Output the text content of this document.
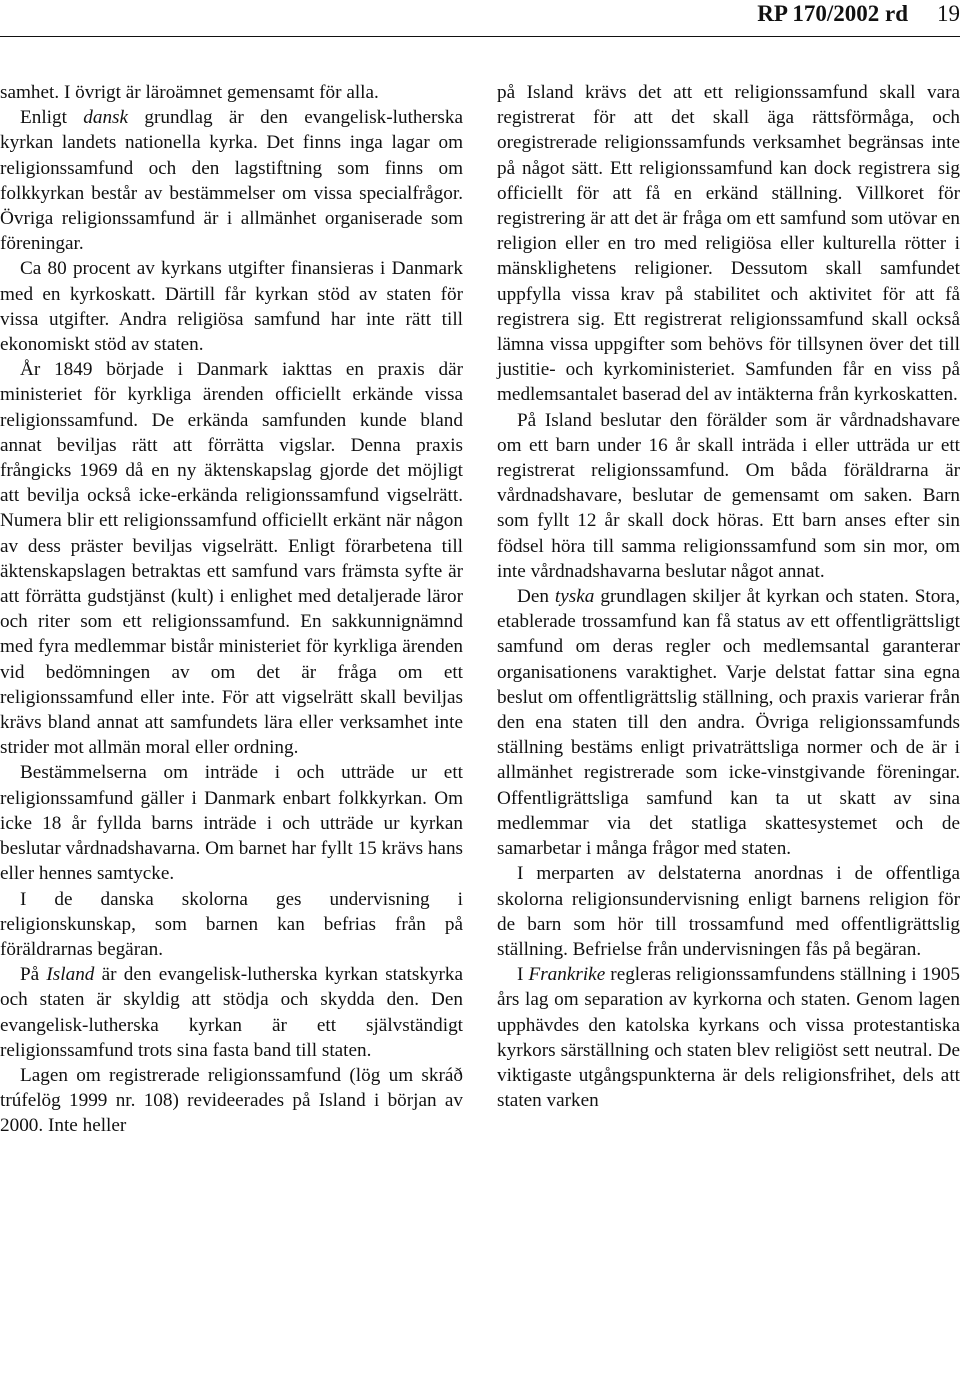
RP 170/2002 rd 19

samhet. I övrigt är läroämnet gemensamt för alla.

Enligt dansk grundlag är den evangelisk-lutherska kyrkan landets nationella kyrka. Det finns inga lagar om religionssamfund och den lagstiftning som finns om folkkyrkan består av bestämmelser om vissa specialfrågor. Övriga religionssamfund är i allmänhet organiserade som föreningar.

Ca 80 procent av kyrkans utgifter finansieras i Danmark med en kyrkoskatt. Därtill får kyrkan stöd av staten för vissa utgifter. Andra religiösa samfund har inte rätt till ekonomiskt stöd av staten.

År 1849 började i Danmark iakttas en praxis där ministeriet för kyrkliga ärenden officiellt erkände vissa religionssamfund. De erkända samfunden kunde bland annat beviljas rätt att förrätta vigslar. Denna praxis frångicks 1969 då en ny äktenskapslag gjorde det möjligt att bevilja också icke-erkända religionssamfund vigselrätt. Numera blir ett religionssamfund officiellt erkänt när någon av dess präster beviljas vigselrätt. Enligt förarbetena till äktenskapslagen betraktas ett samfund vars främsta syfte är att förrätta gudstjänst (kult) i enlighet med detaljerade läror och riter som ett religionssamfund. En sakkunnignämnd med fyra medlemmar bistår ministeriet för kyrkliga ärenden vid bedömningen av om det är fråga om ett religionssamfund eller inte. För att vigselrätt skall beviljas krävs bland annat att samfundets lära eller verksamhet inte strider mot allmän moral eller ordning.

Bestämmelserna om inträde i och utträde ur ett religionssamfund gäller i Danmark enbart folkkyrkan. Om icke 18 år fyllda barns inträde i och utträde ur kyrkan beslutar vårdnadshavarna. Om barnet har fyllt 15 krävs hans eller hennes samtycke.

I de danska skolorna ges undervisning i religionskunskap, som barnen kan befrias från på föräldrarnas begäran.

På Island är den evangelisk-lutherska kyrkan statskyrka och staten är skyldig att stödja och skydda den. Den evangelisk-lutherska kyrkan är ett självständigt religionssamfund trots sina fasta band till staten.

Lagen om registrerade religionssamfund (lög um skráð trúfelög 1999 nr. 108) revideerades på Island i början av 2000. Inte heller

på Island krävs det att ett religionssamfund skall vara registrerat för att det skall äga rättsförmåga, och oregistrerade religionssamfunds verksamhet begränsas inte på något sätt. Ett religionssamfund kan dock registrera sig officiellt för att få en erkänd ställning. Villkoret för registrering är att det är fråga om ett samfund som utövar en religion eller en tro med religiösa eller kulturella rötter i mänsklighetens religioner. Dessutom skall samfundet uppfylla vissa krav på stabilitet och aktivitet för att få registrera sig. Ett registrerat religionssamfund skall också lämna vissa uppgifter som behövs för tillsynen över det till justitie- och kyrkoministeriet. Samfunden får en viss på medlemsantalet baserad del av intäkterna från kyrkoskatten.

På Island beslutar den förälder som är vårdnadshavare om ett barn under 16 år skall inträda i eller utträda ur ett registrerat religionssamfund. Om båda föräldrarna är vårdnadshavare, beslutar de gemensamt om saken. Barn som fyllt 12 år skall dock höras. Ett barn anses efter sin födsel höra till samma religionssamfund som sin mor, om inte vårdnadshavarna beslutar något annat.

Den tyska grundlagen skiljer åt kyrkan och staten. Stora, etablerade trossamfund kan få status av ett offentligrättsligt samfund om deras regler och medlemsantal garanterar organisationens varaktighet. Varje delstat fattar sina egna beslut om offentligrättslig ställning, och praxis varierar från den ena staten till den andra. Övriga religionssamfunds ställning bestäms enligt privaträttsliga normer och de är i allmänhet registrerade som icke-vinstgivande föreningar. Offentligrättsliga samfund kan ta ut skatt av sina medlemmar via det statliga skattesystemet och de samarbetar i många frågor med staten.

I merparten av delstaterna anordnas i de offentliga skolorna religionsundervisning enligt barnens religion för de barn som hör till trossamfund med offentligrättslig ställning. Befrielse från undervisningen fås på begäran.

I Frankrike regleras religionssamfundens ställning i 1905 års lag om separation av kyrkorna och staten. Genom lagen upphävdes den katolska kyrkans och vissa protestantiska kyrkors särställning och staten blev religiöst sett neutral. De viktigaste utgångspunkterna är dels religionsfrihet, dels att staten varken
